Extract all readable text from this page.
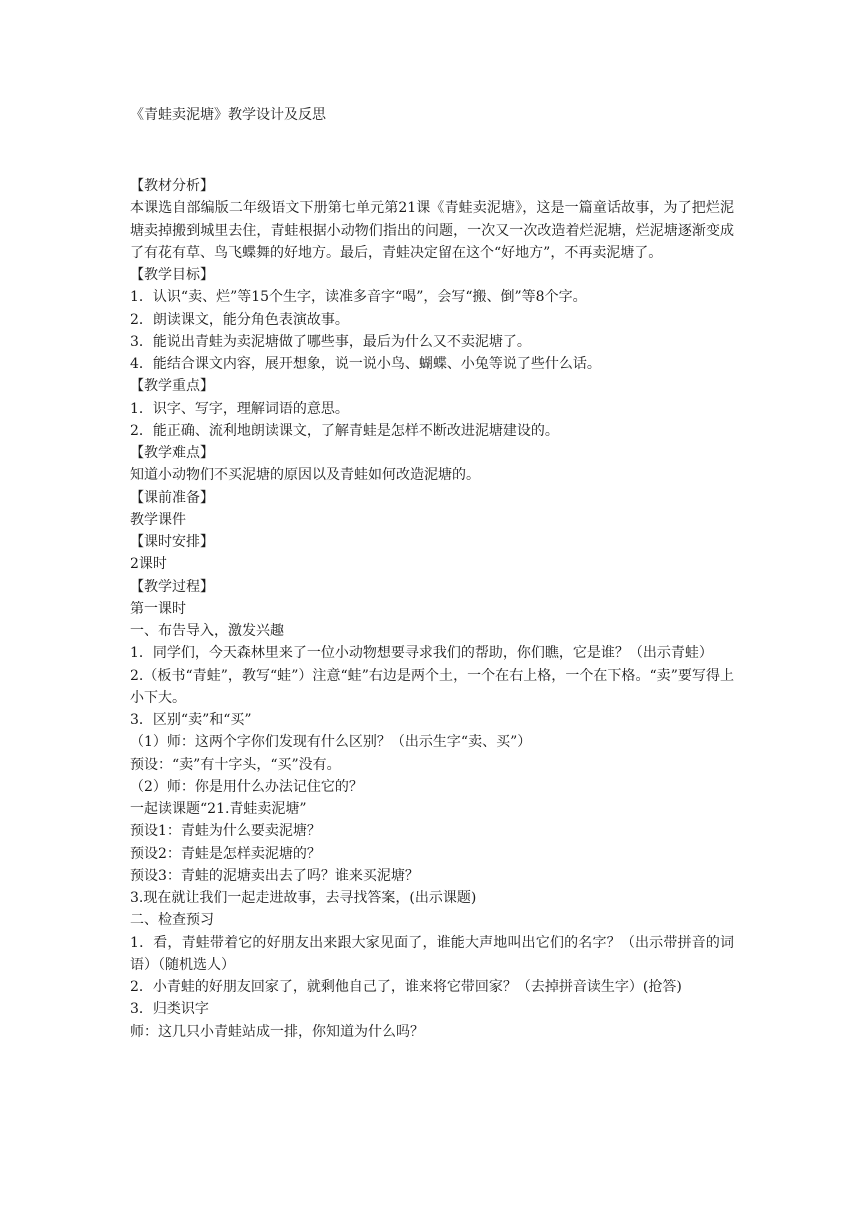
《青蛙卖泥塘》教学设计及反思

【教材分析】

本课选自部编版二年级语文下册第七单元第21课《青蛙卖泥塘》，这是一篇童话故事，为了把烂泥塘卖掉搬到城里去住，青蛙根据小动物们指出的问题，一次又一次改造着烂泥塘，烂泥塘逐渐变成了有花有草、鸟飞蝶舞的好地方。最后，青蛙决定留在这个“好地方”，不再卖泥塘了。

【教学目标】

1．认识“卖、烂”等15个生字，读准多音字“喝”，会写“搬、倒”等8个字。

2．朗读课文，能分角色表演故事。

3．能说出青蛙为卖泥塘做了哪些事，最后为什么又不卖泥塘了。

4．能结合课文内容，展开想象，说一说小鸟、蝴蝶、小兔等说了些什么话。

【教学重点】

1．识字、写字，理解词语的意思。

2．能正确、流利地朗读课文，了解青蛙是怎样不断改进泥塘建设的。

【教学难点】

知道小动物们不买泥塘的原因以及青蛙如何改造泥塘的。

【课前准备】

教学课件

【课时安排】

2课时

【教学过程】

第一课时

一、布告导入，激发兴趣

1．同学们，今天森林里来了一位小动物想要寻求我们的帮助，你们瞧，它是谁？（出示青蛙）

2.（板书“青蛙”，教写“蛙”）注意“蛙”右边是两个土，一个在右上格，一个在下格。“卖”要写得上小下大。

3．区别“卖”和“买”

（1）师：这两个字你们发现有什么区别？（出示生字“卖、买”）

预设：“卖”有十字头，“买”没有。

（2）师：你是用什么办法记住它的？

一起读课题“21.青蛙卖泥塘”

预设1：青蛙为什么要卖泥塘？

预设2：青蛙是怎样卖泥塘的？

预设3：青蛙的泥塘卖出去了吗？谁来买泥塘？

3.现在就让我们一起走进故事，去寻找答案，(出示课题)

二、检查预习

1．看，青蛙带着它的好朋友出来跟大家见面了，谁能大声地叫出它们的名字？（出示带拼音的词语）（随机选人）

2．小青蛙的好朋友回家了，就剩他自己了，谁来将它带回家？（去掉拼音读生字）(抢答)

3．归类识字

师：这几只小青蛙站成一排，你知道为什么吗？
